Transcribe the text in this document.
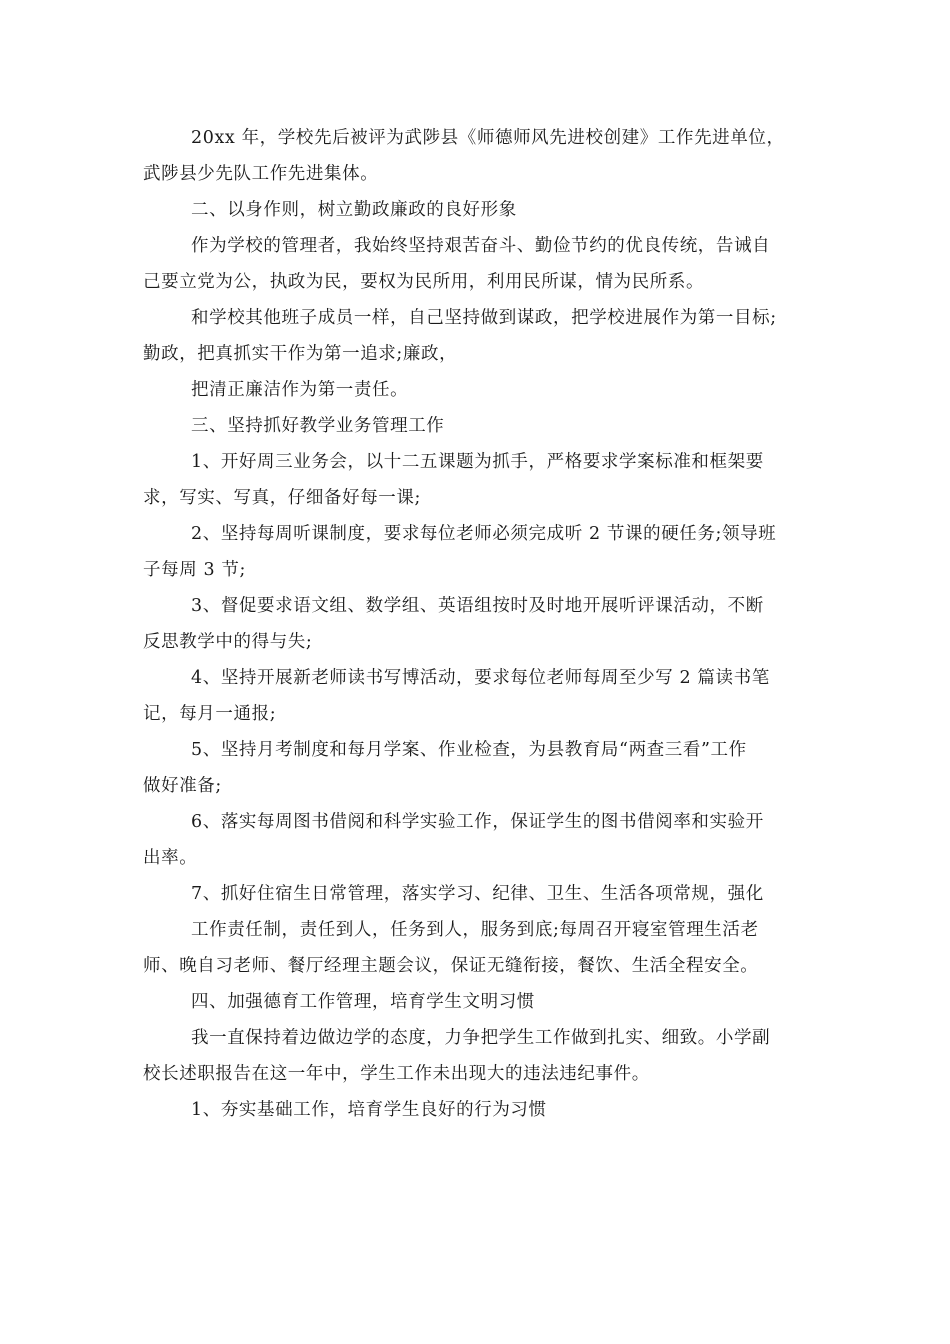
20xx 年，学校先后被评为武陟县《师德师风先进校创建》工作先进单位，
武陟县少先队工作先进集体。

二、以身作则，树立勤政廉政的良好形象

作为学校的管理者，我始终坚持艰苦奋斗、勤俭节约的优良传统，告诫自
己要立党为公，执政为民，要权为民所用，利用民所谋，情为民所系。

和学校其他班子成员一样，自己坚持做到谋政，把学校进展作为第一目标;
勤政，把真抓实干作为第一追求;廉政，

把清正廉洁作为第一责任。

三、坚持抓好教学业务管理工作

1、开好周三业务会，以十二五课题为抓手，严格要求学案标准和框架要
求，写实、写真，仔细备好每一课;

2、坚持每周听课制度，要求每位老师必须完成听 2 节课的硬任务;领导班
子每周 3 节;

3、督促要求语文组、数学组、英语组按时及时地开展听评课活动，不断
反思教学中的得与失;

4、坚持开展新老师读书写博活动，要求每位老师每周至少写 2 篇读书笔
记，每月一通报;

5、坚持月考制度和每月学案、作业检查，为县教育局“两查三看”工作
做好准备;

6、落实每周图书借阅和科学实验工作，保证学生的图书借阅率和实验开
出率。

7、抓好住宿生日常管理，落实学习、纪律、卫生、生活各项常规，强化
工作责任制，责任到人，任务到人，服务到底;每周召开寝室管理生活老
师、晚自习老师、餐厅经理主题会议，保证无缝衔接，餐饮、生活全程安全。

四、加强德育工作管理，培育学生文明习惯

我一直保持着边做边学的态度，力争把学生工作做到扎实、细致。小学副
校长述职报告在这一年中，学生工作未出现大的违法违纪事件。

1、夯实基础工作，培育学生良好的行为习惯
